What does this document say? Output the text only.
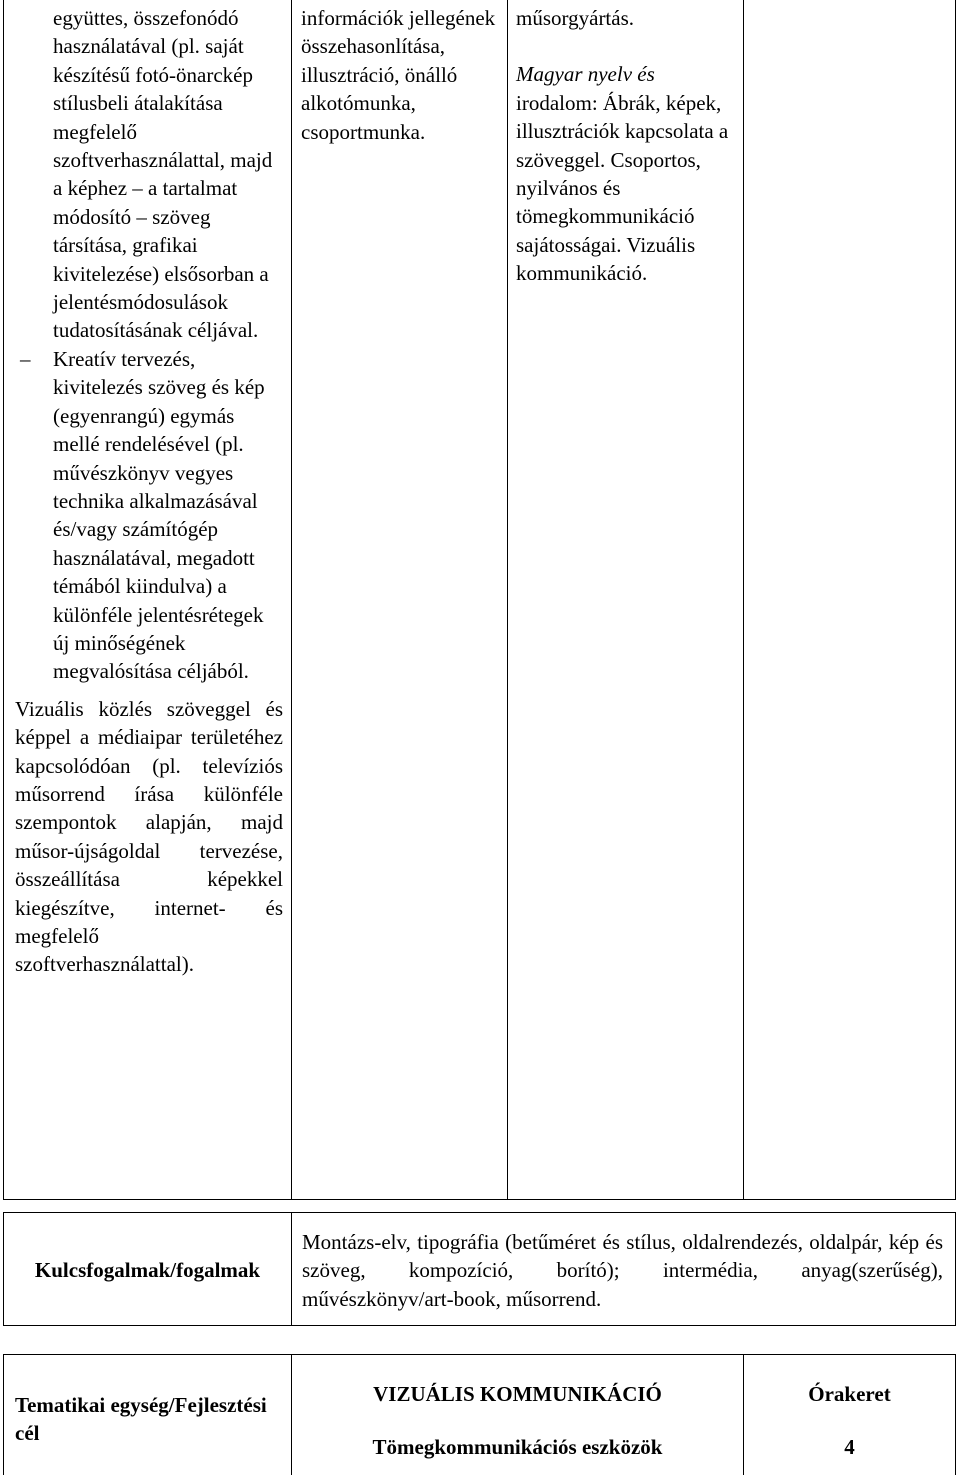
együttes, összefonódó használatával (pl. saját készítésű fotó-önarckép stílusbeli átalakítása megfelelő szoftverhasználattal, majd a képhez – a tartalmat módosító – szöveg társítása, grafikai kivitelezése) elsősorban a jelentésmódosulások tudatosításának céljával.
– Kreatív tervezés, kivitelezés szöveg és kép (egyenrangú) egymás mellé rendelésével (pl. művészkönyv vegyes technika alkalmazásával és/vagy számítógép használatával, megadott témából kiindulva) a különféle jelentésrétegek új minőségének megvalósítása céljából.

Vizuális közlés szöveggel és képpel a médiaipar területéhez kapcsolódóan (pl. televíziós műsorrend írása különféle szempontok alapján, majd műsor-újságoldal tervezése, összeállítása képekkel kiegészítve, internet- és megfelelő szoftverhasználattal).

információk jellegének összehasonlítása, illusztráció, önálló alkotómunka, csoportmunka.

műsorgyártás.

Magyar nyelv és irodalom: Ábrák, képek, illusztrációk kapcsolata a szöveggel. Csoportos, nyilvános és tömegkommunikáció sajátosságai. Vizuális kommunikáció.

Kulcsfogalmak/fogalmak
Montázs-elv, tipográfia (betűméret és stílus, oldalrendezés, oldalpár, kép és szöveg, kompozíció, borító); intermédia, anyag(szerűség), művészkönyv/art-book, műsorrend.
Tematikai egység/Fejlesztési cél
VIZUÁLIS KOMMUNIKÁCIÓ
Tömegkommunikációs eszközök
Órakeret
4
